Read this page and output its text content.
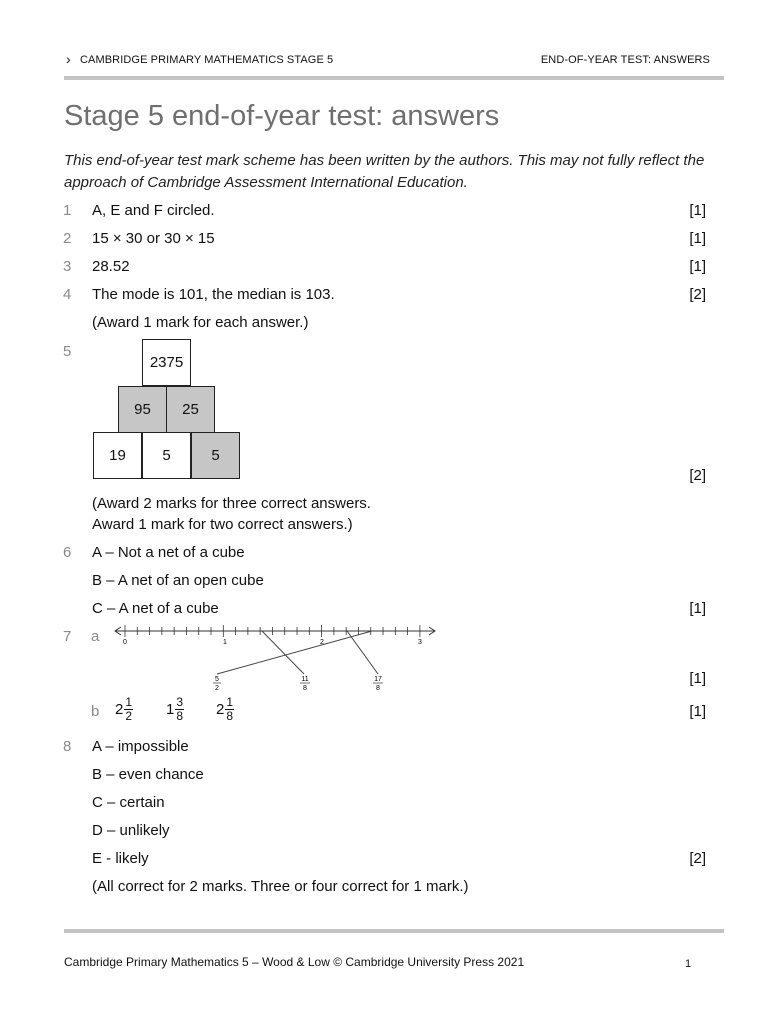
› CAMBRIDGE PRIMARY MATHEMATICS STAGE 5	END-OF-YEAR TEST: ANSWERS
Stage 5 end-of-year test: answers

This end-of-year test mark scheme has been written by the authors. This may not fully reflect the approach of Cambridge Assessment International Education.

1 A, E and F circled.	[1]
2 15 × 30 or 30 × 15	[1]
3 28.52	[1]
4 The mode is 101, the median is 103.	[2]
(Award 1 mark for each answer.)
5
2375
95	25
19	5	5
[2]
(Award 2 marks for three correct answers.
Award 1 mark for two correct answers.)
6 A – Not a net of a cube
B – A net of an open cube
C – A net of a cube	[1]
7 a	0	1	2	3
5
2
11
8
17
8
[1]
b $2 \frac{1}{2} 1 \frac{3}{8} 2 \frac{1}{8}$	[1]
8 A – impossible
B – even chance
C – certain
D – unlikely
E - likely	[2]
(All correct for 2 marks. Three or four correct for 1 mark.)
Cambridge Primary Mathematics 5 – Wood & Low © Cambridge University Press 2021	1
